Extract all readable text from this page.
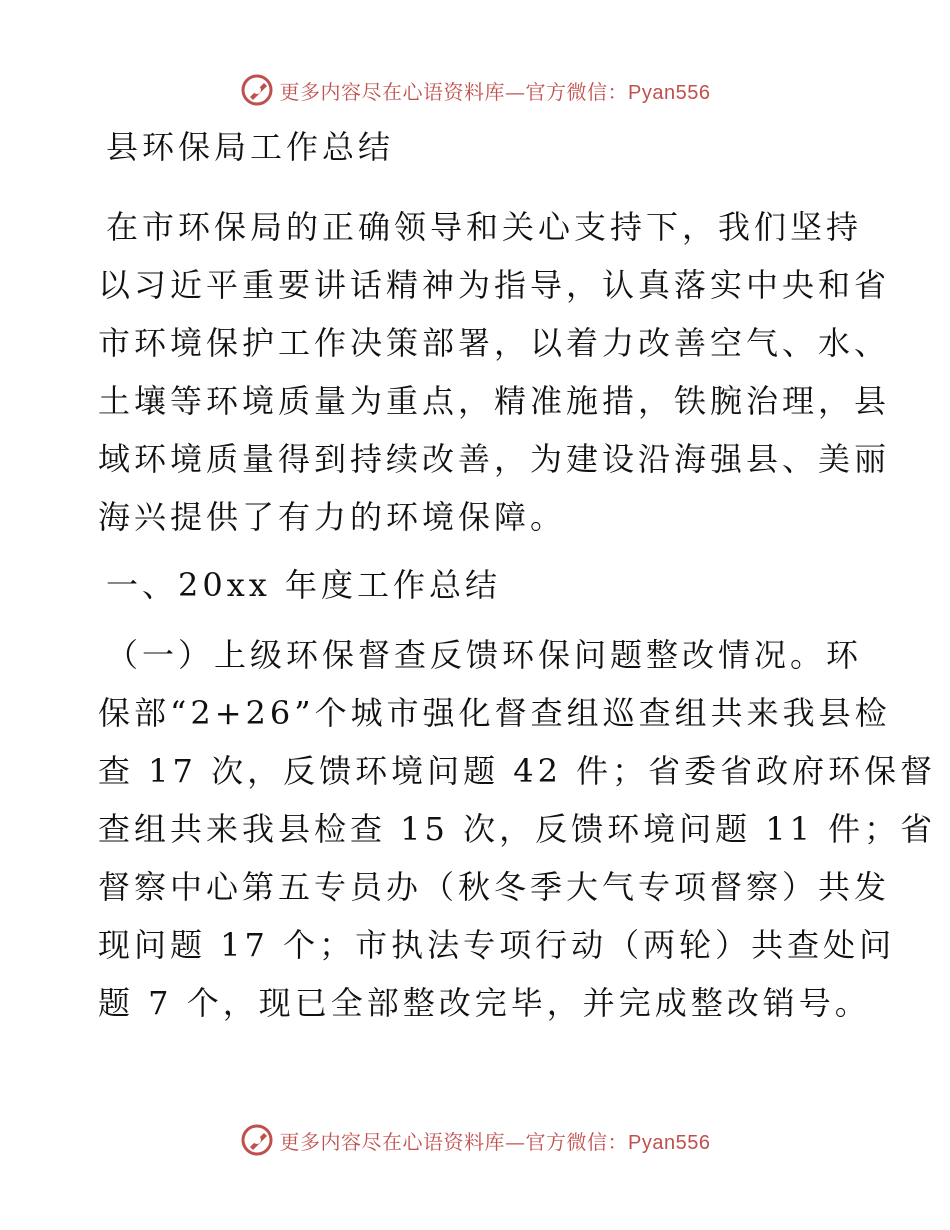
更多内容尽在心语资料库—官方微信：Pyan556
县环保局工作总结
在市环保局的正确领导和关心支持下，我们坚持
以习近平重要讲话精神为指导，认真落实中央和省
市环境保护工作决策部署，以着力改善空气、水、
土壤等环境质量为重点，精准施措，铁腕治理，县
域环境质量得到持续改善，为建设沿海强县、美丽
海兴提供了有力的环境保障。
一、20xx 年度工作总结
（一）上级环保督查反馈环保问题整改情况。环
保部“2+26”个城市强化督查组巡查组共来我县检
查 17 次，反馈环境问题 42 件；省委省政府环保督
查组共来我县检查 15 次，反馈环境问题 11 件；省
督察中心第五专员办（秋冬季大气专项督察）共发
现问题 17 个；市执法专项行动（两轮）共查处问
题 7 个，现已全部整改完毕，并完成整改销号。
更多内容尽在心语资料库—官方微信：Pyan556
